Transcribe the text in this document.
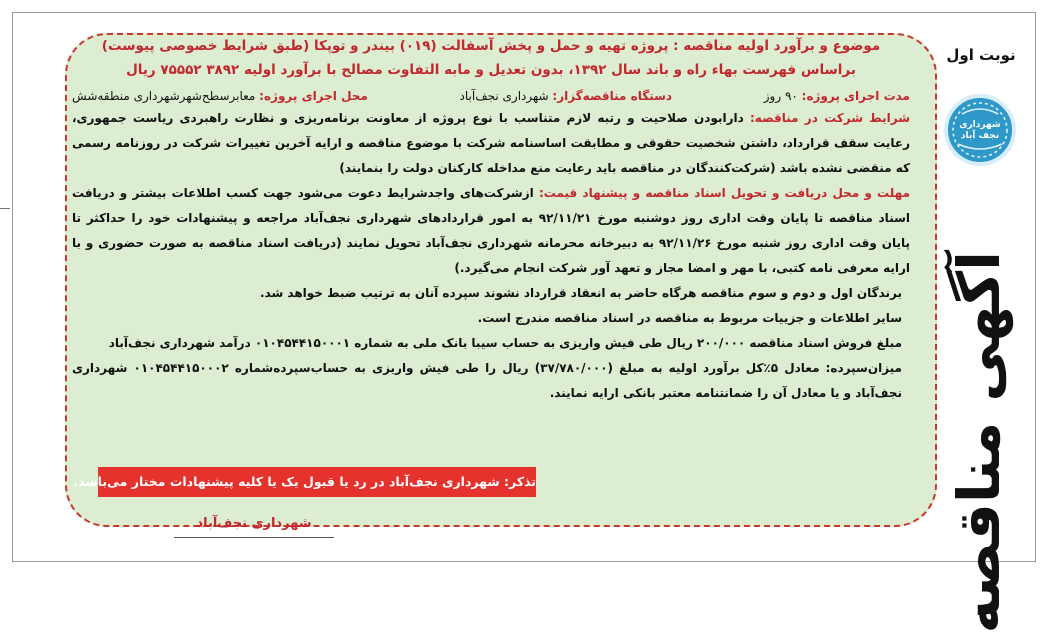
نوبت اول
شهرداری نجف آباد
آگهی مناقصه
موضوع و برآورد اولیه مناقصه : پروژه تهیه و حمل و پخش آسفالت (۰۱۹) بیندر و توپکا (طبق شرایط خصوصی پیوست)
براساس فهرست بهاء راه و باند سال ۱۳۹۲، بدون تعدیل و مابه التفاوت مصالح با برآورد اولیه ۳۸۹۲ ۷۵۵۵۲ ریال
مدت اجرای پروژه: ۹۰ روز
دستگاه مناقصه‌گزار: شهرداری نجف‌آباد
محل اجرای پروژه: معابرسطح‌شهر‌شهرداری منطقه‌شش
شرایط شرکت در مناقصه: دارابودن صلاحیت و رتبه لازم متناسب با نوع پروژه از معاونت برنامه‌ریزی و نظارت راهبردی ریاست جمهوری، رعایت سقف قرارداد، داشتن شخصیت حقوقی و مطابقت اساسنامه شرکت با موضوع مناقصه و ارایه آخرین تغییرات شرکت در روزنامه رسمی که منقضی نشده باشد (شرکت‌کنندگان در مناقصه باید رعایت منع مداخله کارکنان دولت را بنمایند)
مهلت و محل دریافت و تحویل اسناد مناقصه و پیشنهاد قیمت: ازشرکت‌های واجدشرایط دعوت می‌شود جهت کسب اطلاعات بیشتر و دریافت اسناد مناقصه تا پایان وقت اداری روز دوشنبه مورخ ۹۲/۱۱/۲۱ به امور قراردادهای شهرداری نجف‌آباد مراجعه و پیشنهادات خود را حداکثر تا پایان وقت اداری روز شنبه مورخ ۹۲/۱۱/۲۶ به دبیرخانه محرمانه شهرداری نجف‌آباد تحویل نمایند (دریافت اسناد مناقصه به صورت حضوری و با ارایه معرفی نامه کتبی، با مهر و امضا مجاز و تعهد آور شرکت انجام می‌گیرد.)
برندگان اول و دوم و سوم مناقصه هرگاه حاضر به انعقاد قرارداد نشوند سپرده آنان به ترتیب ضبط خواهد شد.
سایر اطلاعات و جزییات مربوط به مناقصه در اسناد مناقصه مندرج است.
مبلغ فروش اسناد مناقصه ۲۰۰/۰۰۰ ریال طی فیش واریزی به حساب سیبا بانک ملی به شماره ۰۱۰۴۵۴۴۱۵۰۰۰۱ درآمد شهرداری نجف‌آباد
میزان‌سپرده: معادل ۵٪کل برآورد اولیه به مبلغ (۳۷/۷۸۰/۰۰۰) ریال را طی فیش واریزی به حساب‌سپرده‌شماره ۰۱۰۴۵۴۴۱۵۰۰۰۲ شهرداری نجف‌آباد و یا معادل آن را ضمانتنامه معتبر بانکی ارایه نمایند.
تذکر: شهرداری نجف‌آباد در رد یا قبول یک یا کلیه پیشنهادات مختار می‌باشد.
شهرداری نجف‌آباد
